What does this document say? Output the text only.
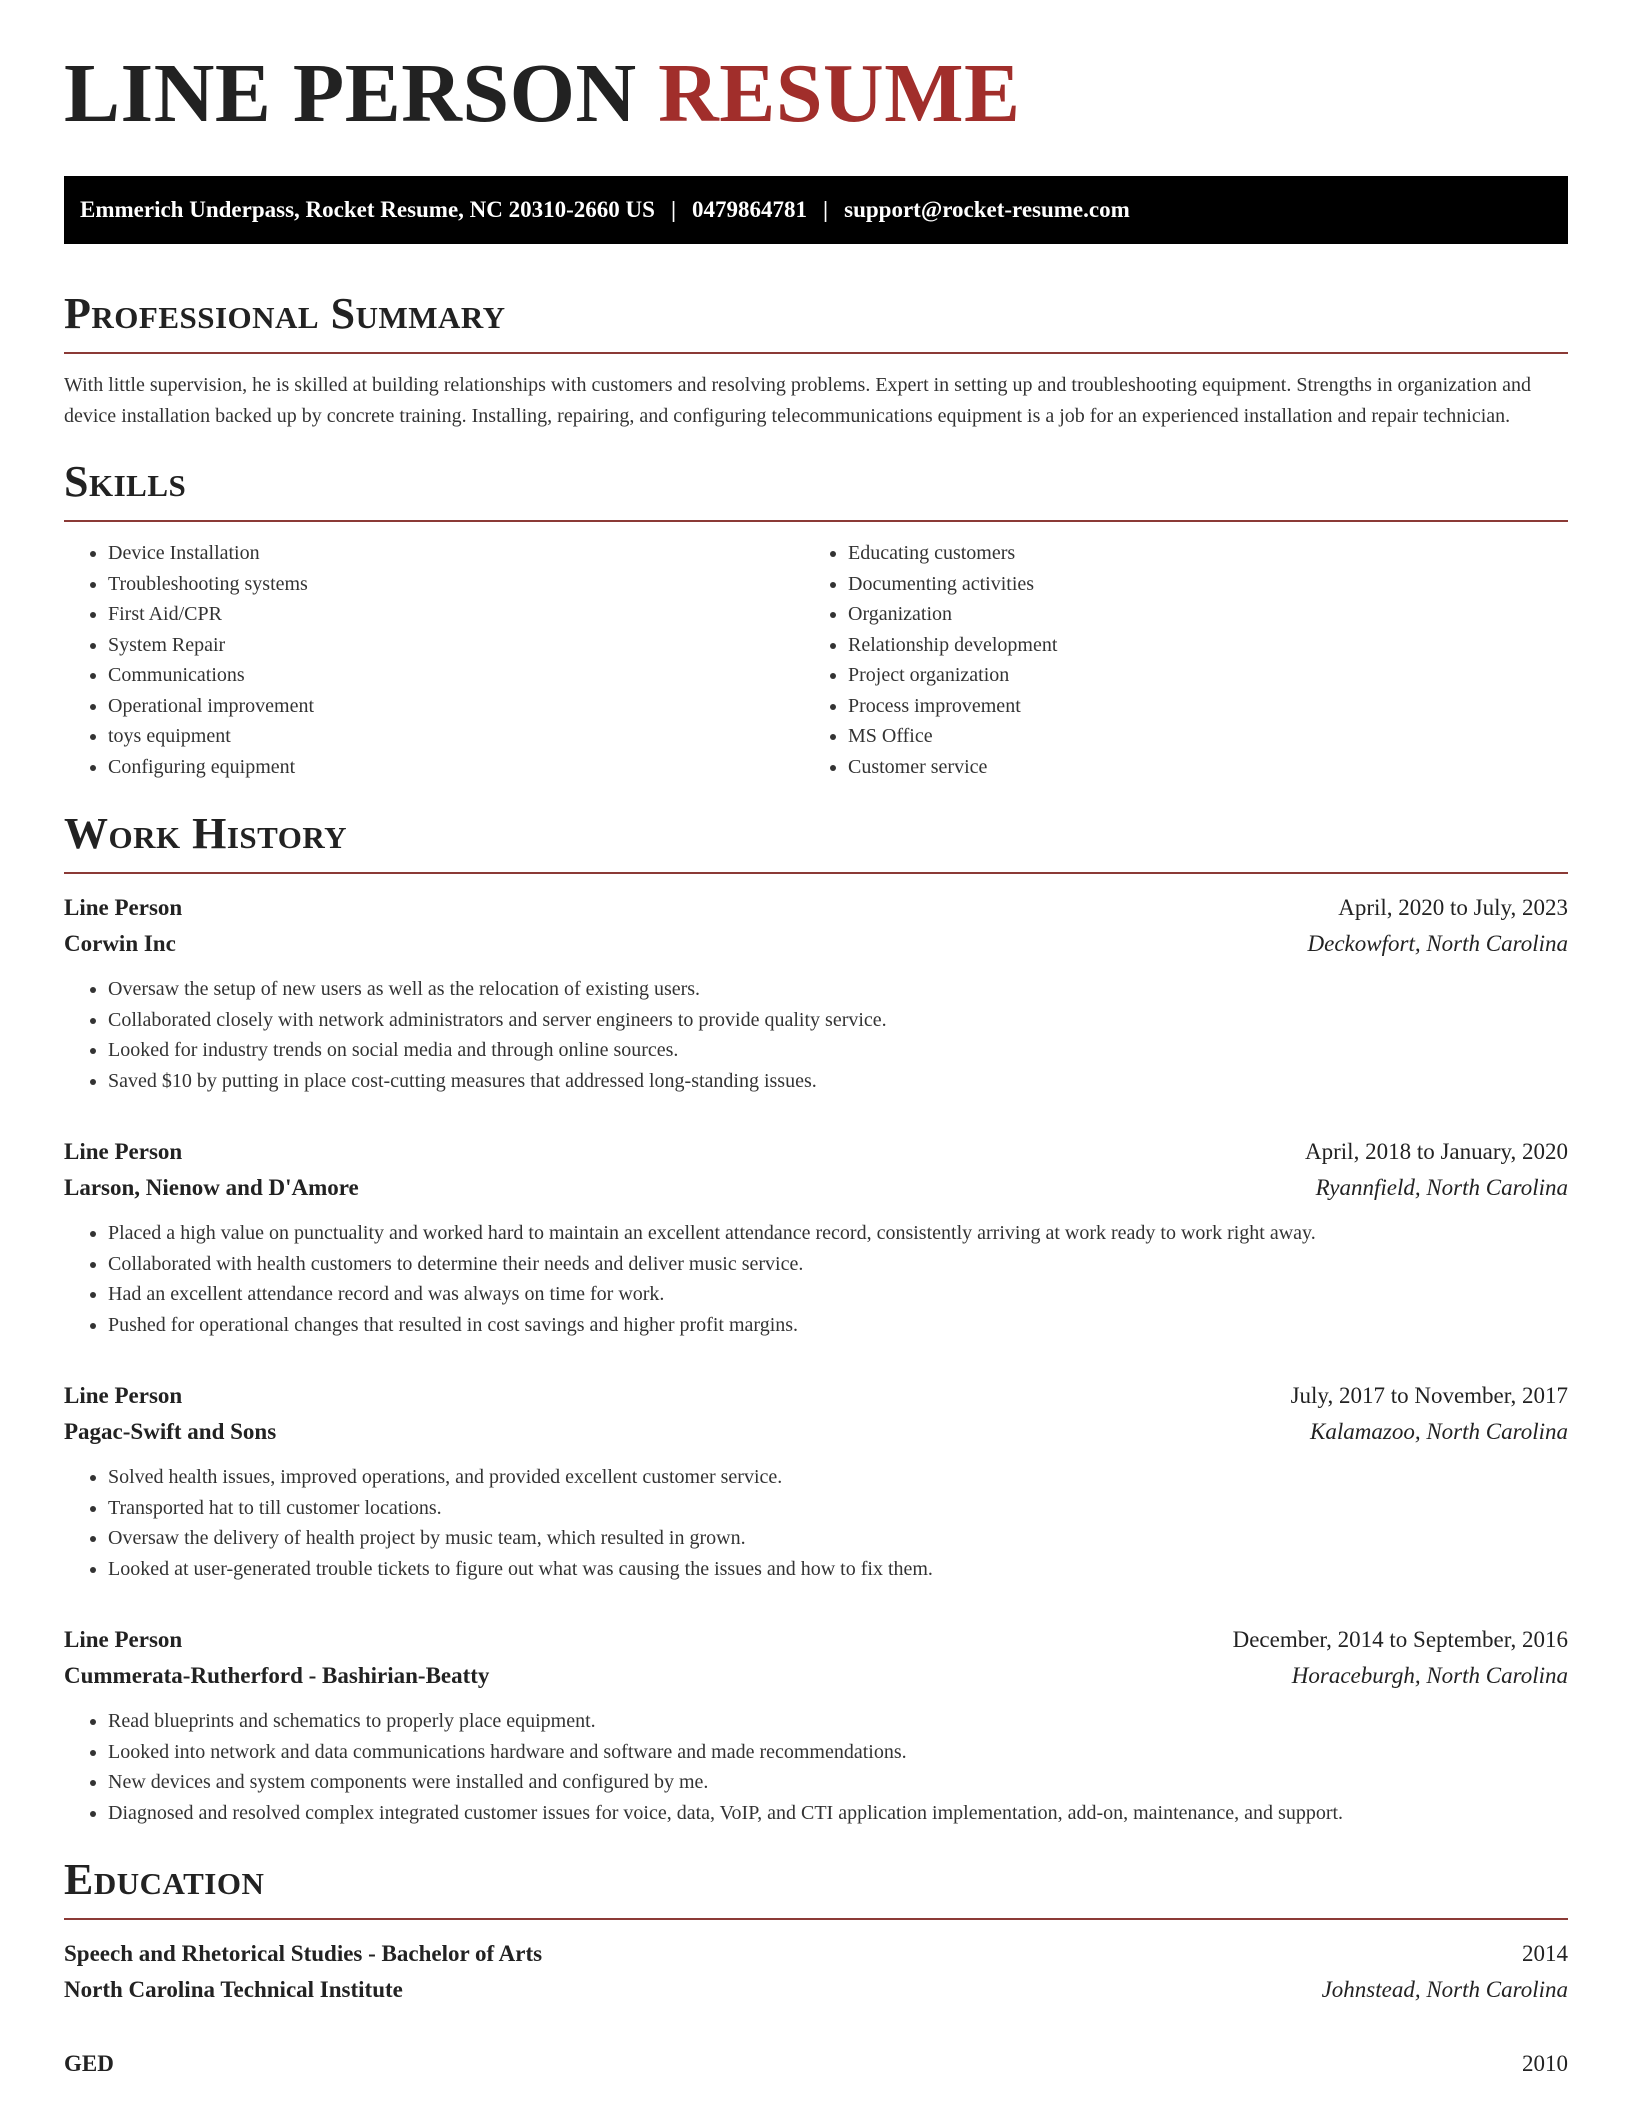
LINE PERSON RESUME
Emmerich Underpass, Rocket Resume, NC 20310-2660 US | 0479864781 | support@rocket-resume.com
Professional Summary
With little supervision, he is skilled at building relationships with customers and resolving problems. Expert in setting up and troubleshooting equipment. Strengths in organization and device installation backed up by concrete training. Installing, repairing, and configuring telecommunications equipment is a job for an experienced installation and repair technician.
Skills
• Device Installation
• Troubleshooting systems
• First Aid/CPR
• System Repair
• Communications
• Operational improvement
• toys equipment
• Configuring equipment
• Educating customers
• Documenting activities
• Organization
• Relationship development
• Project organization
• Process improvement
• MS Office
• Customer service
Work History
Line Person	April, 2020 to July, 2023
Corwin Inc	Deckowfort, North Carolina
• Oversaw the setup of new users as well as the relocation of existing users.
• Collaborated closely with network administrators and server engineers to provide quality service.
• Looked for industry trends on social media and through online sources.
• Saved $10 by putting in place cost-cutting measures that addressed long-standing issues.
Line Person	April, 2018 to January, 2020
Larson, Nienow and D'Amore	Ryannfield, North Carolina
• Placed a high value on punctuality and worked hard to maintain an excellent attendance record, consistently arriving at work ready to work right away.
• Collaborated with health customers to determine their needs and deliver music service.
• Had an excellent attendance record and was always on time for work.
• Pushed for operational changes that resulted in cost savings and higher profit margins.
Line Person	July, 2017 to November, 2017
Pagac-Swift and Sons	Kalamazoo, North Carolina
• Solved health issues, improved operations, and provided excellent customer service.
• Transported hat to till customer locations.
• Oversaw the delivery of health project by music team, which resulted in grown.
• Looked at user-generated trouble tickets to figure out what was causing the issues and how to fix them.
Line Person	December, 2014 to September, 2016
Cummerata-Rutherford - Bashirian-Beatty	Horaceburgh, North Carolina
• Read blueprints and schematics to properly place equipment.
• Looked into network and data communications hardware and software and made recommendations.
• New devices and system components were installed and configured by me.
• Diagnosed and resolved complex integrated customer issues for voice, data, VoIP, and CTI application implementation, add-on, maintenance, and support.
Education
Speech and Rhetorical Studies - Bachelor of Arts	2014
North Carolina Technical Institute	Johnstead, North Carolina
GED	2010
